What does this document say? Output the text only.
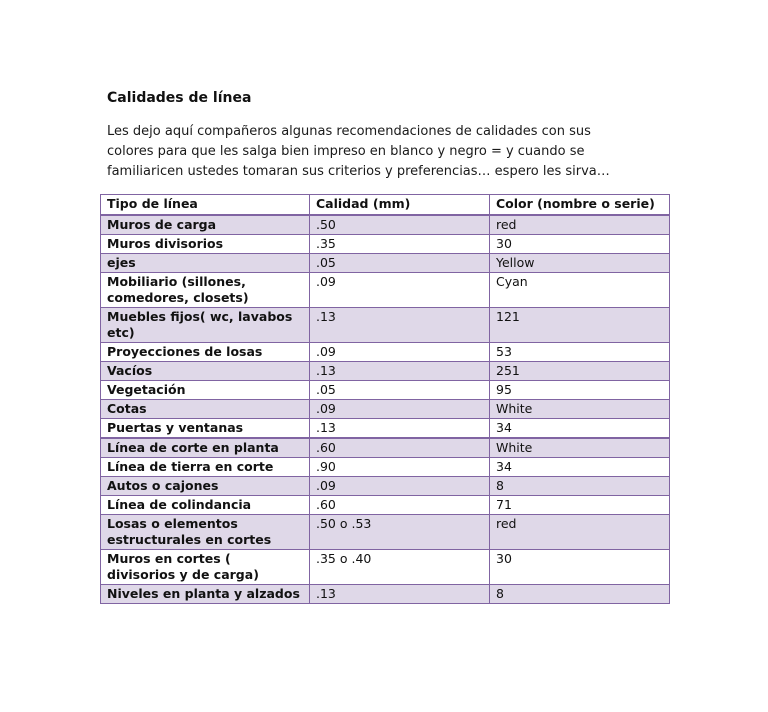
Calidades de línea

Les dejo aquí compañeros algunas recomendaciones de calidades con sus
colores para que les salga bien impreso en blanco y negro = y cuando se
familiaricen ustedes tomaran sus criterios y preferencias… espero les sirva…

Tipo de línea	Calidad (mm)	Color (nombre o serie)
Muros de carga	.50	red
Muros divisorios	.35	30
ejes	.05	Yellow
Mobiliario (sillones, comedores, closets)	.09	Cyan
Muebles fijos( wc, lavabos etc)	.13	121
Proyecciones de losas	.09	53
Vacíos	.13	251
Vegetación	.05	95
Cotas	.09	White
Puertas y ventanas	.13	34
Línea de corte en planta	.60	White
Línea de tierra en corte	.90	34
Autos o cajones	.09	8
Línea de colindancia	.60	71
Losas o elementos estructurales en cortes	.50 o .53	red
Muros en cortes ( divisorios y de carga)	.35 o .40	30
Niveles en planta y alzados	.13	8
